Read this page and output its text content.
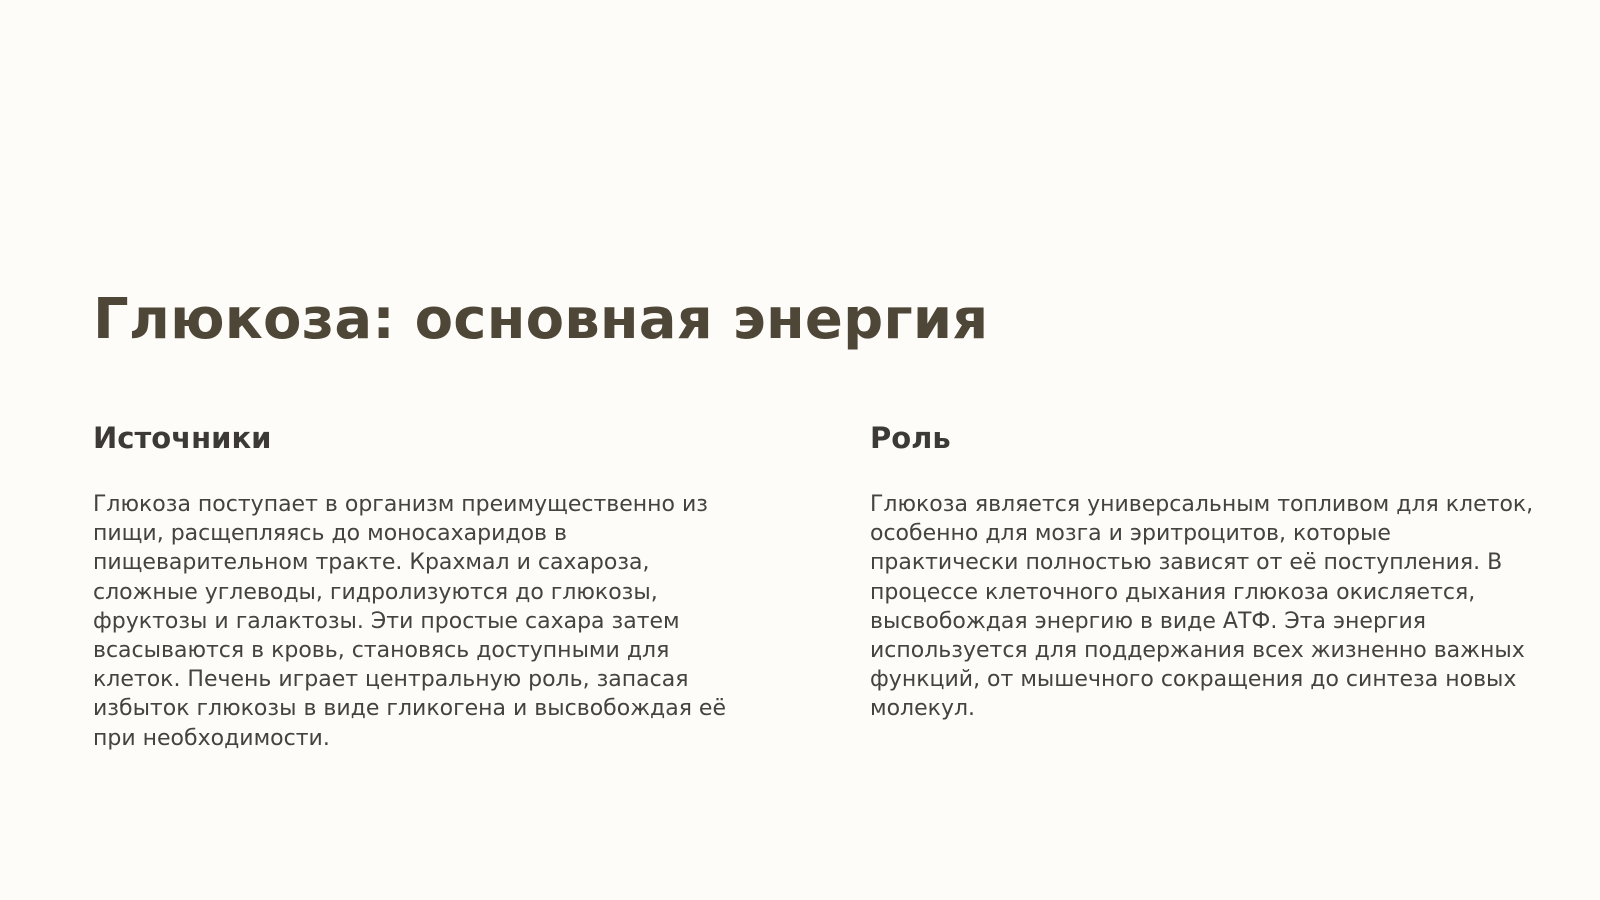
Глюкоза: основная энергия
Источники

Глюкоза поступает в организм преимущественно из
пищи, расщепляясь до моносахаридов в
пищеварительном тракте. Крахмал и сахароза,
сложные углеводы, гидролизуются до глюкозы,
фруктозы и галактозы. Эти простые сахара затем
всасываются в кровь, становясь доступными для
клеток. Печень играет центральную роль, запасая
избыток глюкозы в виде гликогена и высвобождая её
при необходимости.

Роль

Глюкоза является универсальным топливом для клеток,
особенно для мозга и эритроцитов, которые
практически полностью зависят от её поступления. В
процессе клеточного дыхания глюкоза окисляется,
высвобождая энергию в виде АТФ. Эта энергия
используется для поддержания всех жизненно важных
функций, от мышечного сокращения до синтеза новых
молекул.
